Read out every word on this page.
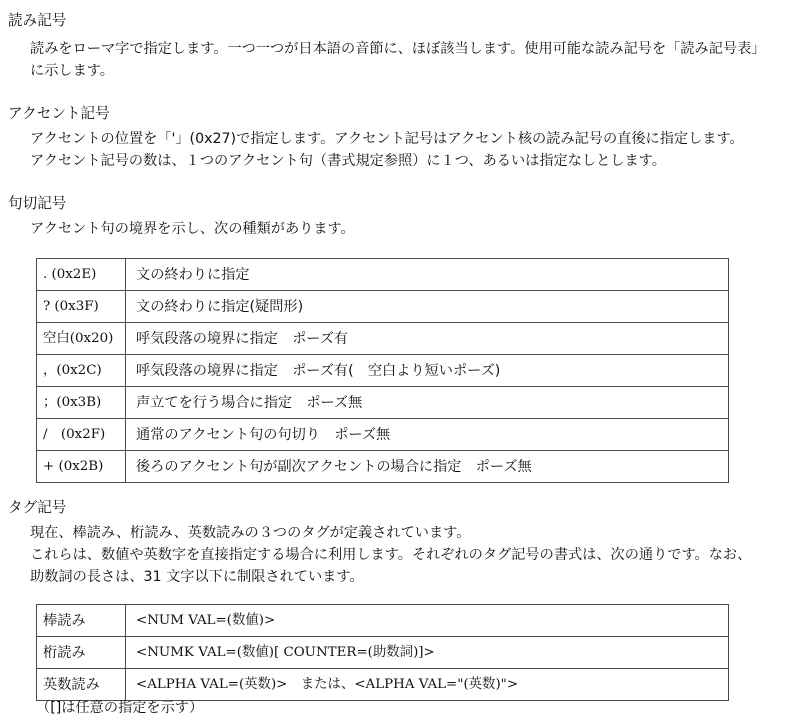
読み記号
読みをローマ字で指定します。一つ一つが日本語の音節に、ほぼ該当します。使用可能な読み記号を「読み記号表」
に示します。
アクセント記号
アクセントの位置を「'」(0x27)で指定します。アクセント記号はアクセント核の読み記号の直後に指定します。
アクセント記号の数は、１つのアクセント句（書式規定参照）に１つ、あるいは指定なしとします。
句切記号
アクセント句の境界を示し、次の種類があります。
. (0x2E)	文の終わりに指定
? (0x3F)	文の終わりに指定(疑問形)
空白(0x20)	呼気段落の境界に指定　ポーズ有
，(0x2C)	呼気段落の境界に指定　ポーズ有(　空白より短いポーズ)
；(0x3B)	声立てを行う場合に指定　ポーズ無
/　(0x2F)	通常のアクセント句の句切り　ポーズ無
+ (0x2B)	後ろのアクセント句が副次アクセントの場合に指定　ポーズ無
タグ記号
現在、棒読み、桁読み、英数読みの３つのタグが定義されています。
これらは、数値や英数字を直接指定する場合に利用します。それぞれのタグ記号の書式は、次の通りです。なお、
助数詞の長さは、31 文字以下に制限されています。
棒読み	<NUM VAL=(数値)>
桁読み	<NUMK VAL=(数値)[ COUNTER=(助数詞)]>
英数読み	<ALPHA VAL=(英数)>　または、<ALPHA VAL="(英数)">
（[]は任意の指定を示す）
